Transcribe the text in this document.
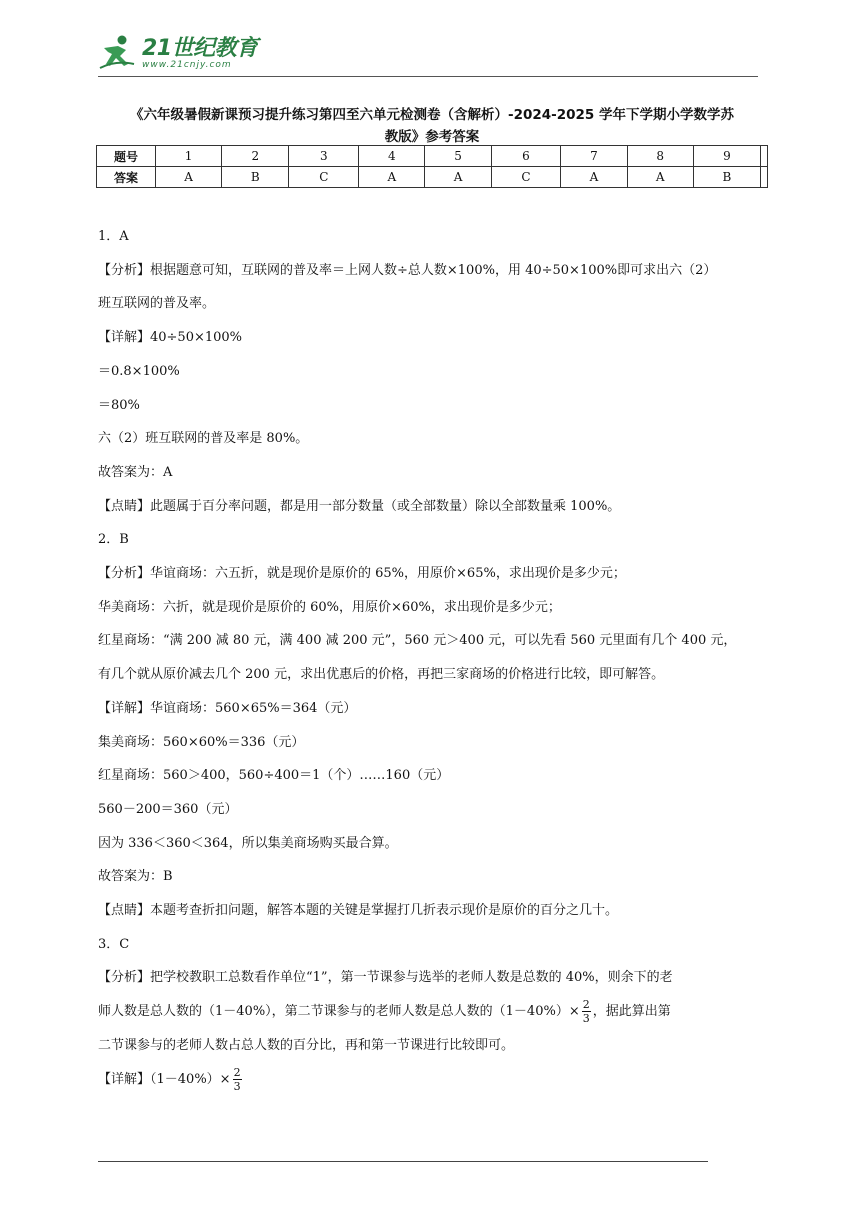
21世纪教育
www.21cnjy.com
《六年级暑假新课预习提升练习第四至六单元检测卷（含解析）-2024-2025 学年下学期小学数学苏
教版》参考答案
题号	1	2	3	4	5	6	7	8	9	
答案	A	B	C	A	A	C	A	A	B	
1．A
【分析】根据题意可知，互联网的普及率＝上网人数÷总人数×100%，用 40÷50×100%即可求出六（2）
班互联网的普及率。
【详解】40÷50×100%
＝0.8×100%
＝80%
六（2）班互联网的普及率是 80%。
故答案为：A
【点睛】此题属于百分率问题，都是用一部分数量（或全部数量）除以全部数量乘 100%。
2．B
【分析】华谊商场：六五折，就是现价是原价的 65%，用原价×65%，求出现价是多少元；
华美商场：六折，就是现价是原价的 60%，用原价×60%，求出现价是多少元；
红星商场：“满 200 减 80 元，满 400 减 200 元”，560 元＞400 元，可以先看 560 元里面有几个 400 元，
有几个就从原价减去几个 200 元，求出优惠后的价格，再把三家商场的价格进行比较，即可解答。
【详解】华谊商场：560×65%＝364（元）
集美商场：560×60%＝336（元）
红星商场：560＞400，560÷400＝1（个）……160（元）
560－200＝360（元）
因为 336＜360＜364，所以集美商场购买最合算。
故答案为：B
【点睛】本题考查折扣问题，解答本题的关键是掌握打几折表示现价是原价的百分之几十。
3．C
【分析】把学校教职工总数看作单位“1”，第一节课参与选举的老师人数是总数的 40%，则余下的老
师人数是总人数的（1－40%），第二节课参与的老师人数是总人数的$(1-40\%)\times \frac{2}{3}$ ，据此算出第
二节课参与的老师人数占总人数的百分比，再和第一节课进行比较即可。
【详解】$(1-40\%)\times \frac{2}{3}$
